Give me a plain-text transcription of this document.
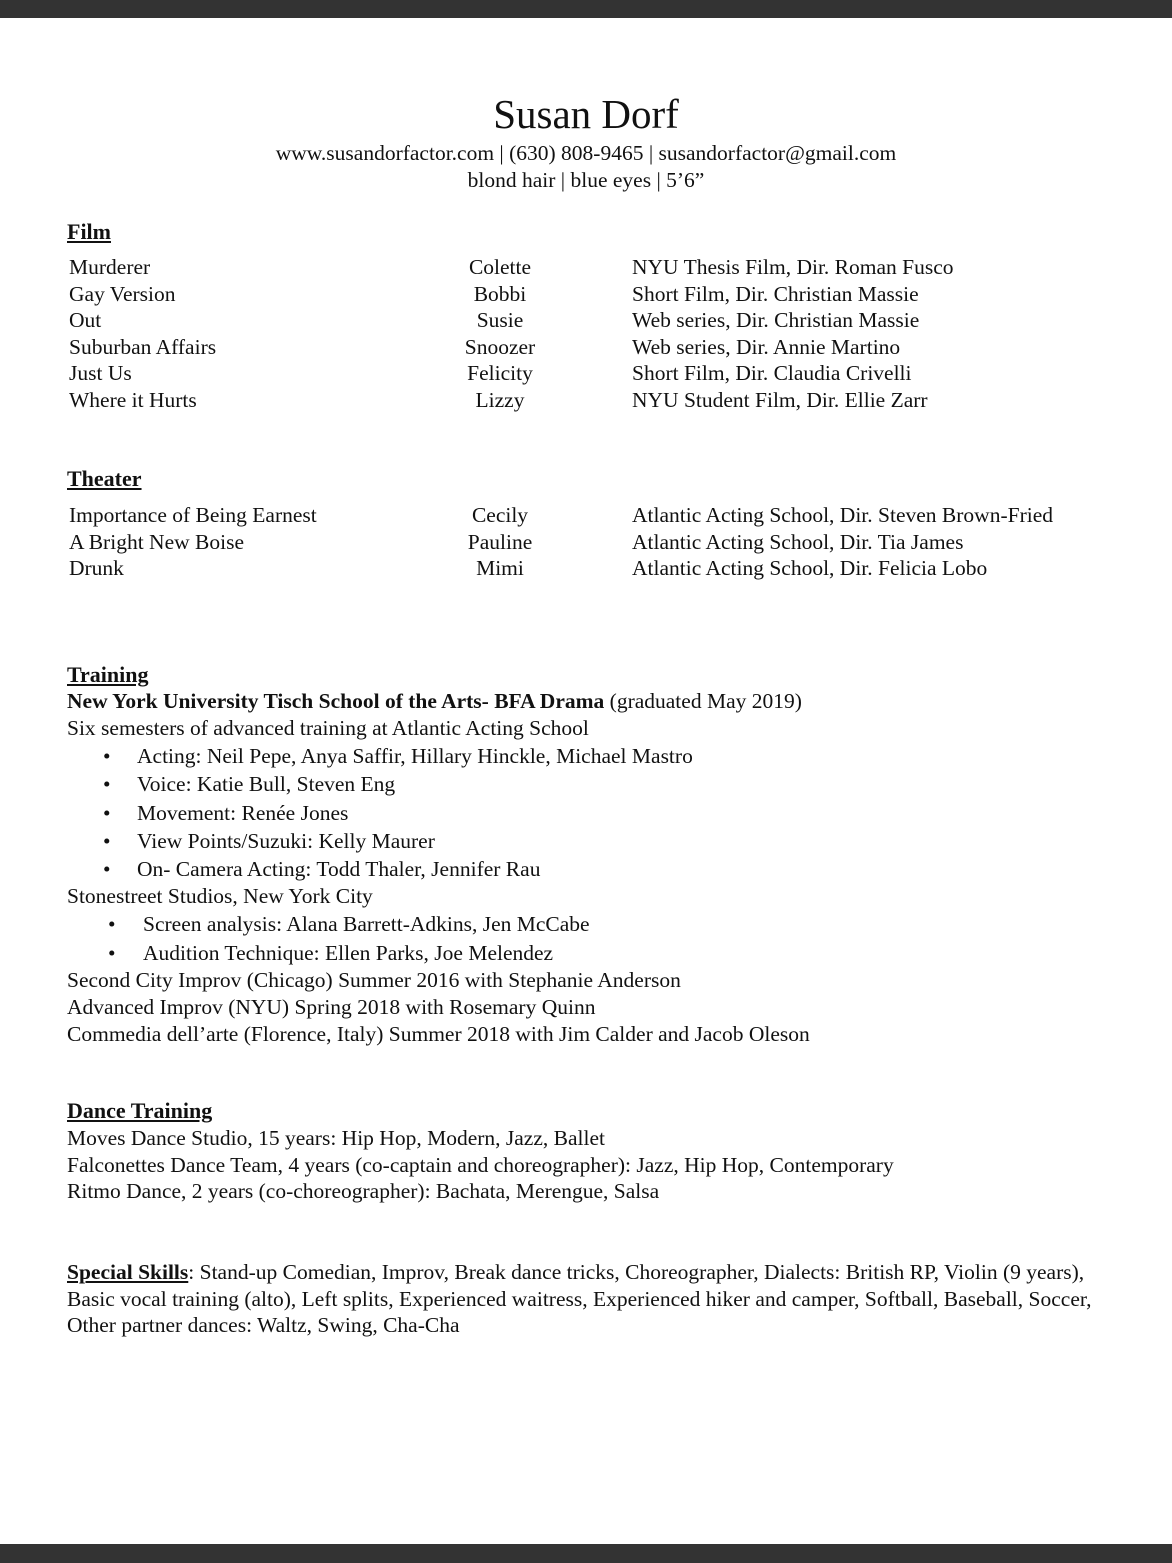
Susan Dorf
www.susandorfactor.com | (630) 808-9465 | susandorfactor@gmail.com
blond hair | blue eyes | 5’6”
Film
Murderer	Colette	NYU Thesis Film, Dir. Roman Fusco
Gay Version	Bobbi	Short Film, Dir. Christian Massie
Out	Susie	Web series, Dir. Christian Massie
Suburban Affairs	Snoozer	Web series, Dir. Annie Martino
Just Us	Felicity	Short Film, Dir. Claudia Crivelli
Where it Hurts	Lizzy	NYU Student Film, Dir. Ellie Zarr
Theater
Importance of Being Earnest	Cecily	Atlantic Acting School, Dir. Steven Brown-Fried
A Bright New Boise	Pauline	Atlantic Acting School, Dir. Tia James
Drunk	Mimi	Atlantic Acting School, Dir. Felicia Lobo
Training
New York University Tisch School of the Arts- BFA Drama (graduated May 2019)
Six semesters of advanced training at Atlantic Acting School
• Acting: Neil Pepe, Anya Saffir, Hillary Hinckle, Michael Mastro
• Voice: Katie Bull, Steven Eng
• Movement: Renée Jones
• View Points/Suzuki: Kelly Maurer
• On- Camera Acting: Todd Thaler, Jennifer Rau
Stonestreet Studios, New York City
• Screen analysis: Alana Barrett-Adkins, Jen McCabe
• Audition Technique: Ellen Parks, Joe Melendez
Second City Improv (Chicago) Summer 2016 with Stephanie Anderson
Advanced Improv (NYU) Spring 2018 with Rosemary Quinn
Commedia dell’arte (Florence, Italy) Summer 2018 with Jim Calder and Jacob Oleson
Dance Training
Moves Dance Studio, 15 years: Hip Hop, Modern, Jazz, Ballet
Falconettes Dance Team, 4 years (co-captain and choreographer): Jazz, Hip Hop, Contemporary
Ritmo Dance, 2 years (co-choreographer): Bachata, Merengue, Salsa
Special Skills: Stand-up Comedian, Improv, Break dance tricks, Choreographer, Dialects: British RP, Violin (9 years), Basic vocal training (alto), Left splits, Experienced waitress, Experienced hiker and camper, Softball, Baseball, Soccer, Other partner dances: Waltz, Swing, Cha-Cha
